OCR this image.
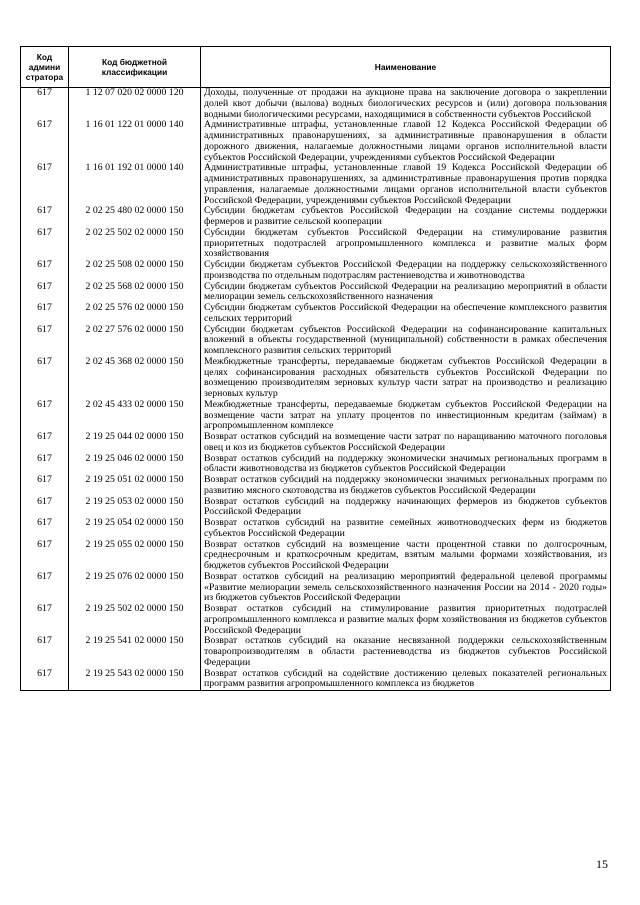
Код админи стратора	Код бюджетной классификации	Наименование
617	1 12 07 020 02 0000 120	Доходы, полученные от продажи на аукционе права на заключение договора о закреплении долей квот добычи (вылова) водных биологических ресурсов и (или) договора пользования водными биологическими ресурсами, находящимися в собственности субъектов Российской
617	1 16 01 122 01 0000 140	Административные штрафы, установленные главой 12 Кодекса Российской Федерации об административных правонарушениях, за административные правонарушения в области дорожного движения, налагаемые должностными лицами органов исполнительной власти субъектов Российской Федерации, учреждениями субъектов Российской Федерации
617	1 16 01 192 01 0000 140	Административные штрафы, установленные главой 19 Кодекса Российской Федерации об административных правонарушениях, за административные правонарушения против порядка управления, налагаемые должностными лицами органов исполнительной власти субъектов Российской Федерации, учреждениями субъектов Российской Федерации
617	2 02 25 480 02 0000 150	Субсидии бюджетам субъектов Российской Федерации на создание системы поддержки фермеров и развитие сельской кооперации
617	2 02 25 502 02 0000 150	Субсидии бюджетам субъектов Российской Федерации на стимулирование развития приоритетных подотраслей агропромышленного комплекса и развитие малых форм хозяйствования
617	2 02 25 508 02 0000 150	Субсидии бюджетам субъектов Российской Федерации на поддержку сельскохозяйственного производства по отдельным подотраслям растениеводства и животноводства
617	2 02 25 568 02 0000 150	Субсидии бюджетам субъектов Российской Федерации на реализацию мероприятий в области мелиорации земель сельскохозяйственного назначения
617	2 02 25 576 02 0000 150	Субсидии бюджетам субъектов Российской Федерации на обеспечение комплексного развития сельских территорий
617	2 02 27 576 02 0000 150	Субсидии бюджетам субъектов Российской Федерации на софинансирование капитальных вложений в объекты государственной (муниципальной) собственности в рамках обеспечения комплексного развития сельских территорий
617	2 02 45 368 02 0000 150	Межбюджетные трансферты, передаваемые бюджетам субъектов Российской Федерации в целях софинансирования расходных обязательств субъектов Российской Федерации по возмещению производителям зерновых культур части затрат на производство и реализацию зерновых культур
617	2 02 45 433 02 0000 150	Межбюджетные трансферты, передаваемые бюджетам субъектов Российской Федерации на возмещение части затрат на уплату процентов по инвестиционным кредитам (займам) в агропромышленном комплексе
617	2 19 25 044 02 0000 150	Возврат остатков субсидий на возмещение части затрат по наращиванию маточного поголовья овец и коз из бюджетов субъектов Российской Федерации
617	2 19 25 046 02 0000 150	Возврат остатков субсидий на поддержку экономически значимых региональных программ в области животноводства из бюджетов субъектов Российской Федерации
617	2 19 25 051 02 0000 150	Возврат остатков субсидий на поддержку экономически значимых региональных программ по развитию мясного скотоводства из бюджетов субъектов Российской Федерации
617	2 19 25 053 02 0000 150	Возврат остатков субсидий на поддержку начинающих фермеров из бюджетов субъектов Российской Федерации
617	2 19 25 054 02 0000 150	Возврат остатков субсидий на развитие семейных животноводческих ферм из бюджетов субъектов Российской Федерации
617	2 19 25 055 02 0000 150	Возврат остатков субсидий на возмещение части процентной ставки по долгосрочным, среднесрочным и краткосрочным кредитам, взятым малыми формами хозяйствования, из бюджетов субъектов Российской Федерации
617	2 19 25 076 02 0000 150	Возврат остатков субсидий на реализацию мероприятий федеральной целевой программы «Развитие мелиорации земель сельскохозяйственного назначения России на 2014 - 2020 годы» из бюджетов субъектов Российской Федерации
617	2 19 25 502 02 0000 150	Возврат остатков субсидий на стимулирование развития приоритетных подотраслей агропромышленного комплекса и развитие малых форм хозяйствования из бюджетов субъектов Российской Федерации
617	2 19 25 541 02 0000 150	Возврат остатков субсидий на оказание несвязанной поддержки сельскохозяйственным товаропроизводителям в области растениеводства из бюджетов субъектов Российской Федерации
617	2 19 25 543 02 0000 150	Возврат остатков субсидий на содействие достижению целевых показателей региональных программ развития агропромышленного комплекса из бюджетов
15
